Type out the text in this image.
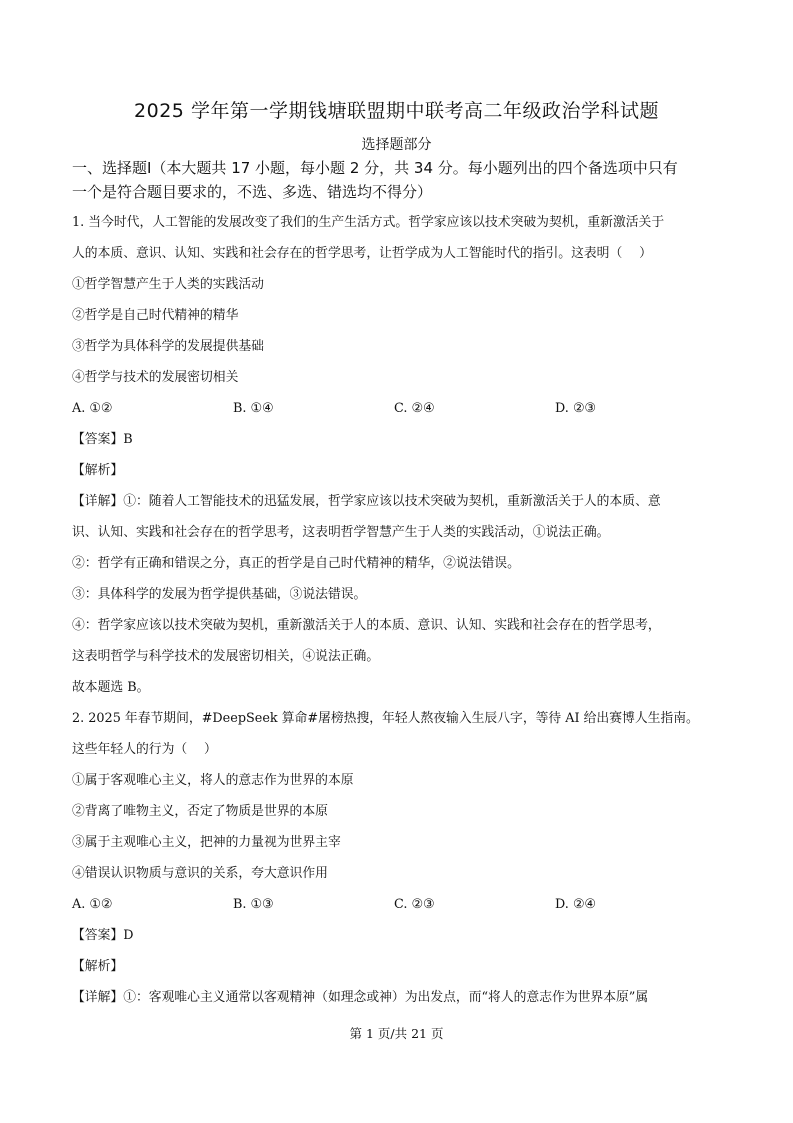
2025 学年第一学期钱塘联盟期中联考高二年级政治学科试题
选择题部分

一、选择题Ⅰ（本大题共 17 小题，每小题 2 分，共 34 分。每小题列出的四个备选项中只有

一个是符合题目要求的，不选、多选、错选均不得分）

1. 当今时代，人工智能的发展改变了我们的生产生活方式。哲学家应该以技术突破为契机，重新激活关于

人的本质、意识、认知、实践和社会存在的哲学思考，让哲学成为人工智能时代的指引。这表明（　 ）

①哲学智慧产生于人类的实践活动

②哲学是自己时代精神的精华

③哲学为具体科学的发展提供基础

④哲学与技术的发展密切相关

A. ①②	B. ①④	C. ②④	D. ②③

【答案】B

【解析】

【详解】①：随着人工智能技术的迅猛发展，哲学家应该以技术突破为契机，重新激活关于人的本质、意

识、认知、实践和社会存在的哲学思考，这表明哲学智慧产生于人类的实践活动，①说法正确。

②：哲学有正确和错误之分，真正的哲学是自己时代精神的精华，②说法错误。

③：具体科学的发展为哲学提供基础，③说法错误。

④：哲学家应该以技术突破为契机，重新激活关于人的本质、意识、认知、实践和社会存在的哲学思考，

这表明哲学与科学技术的发展密切相关，④说法正确。

故本题选 B。

2. 2025 年春节期间，#DeepSeek 算命#屠榜热搜，年轻人熬夜输入生辰八字，等待 AI 给出赛博人生指南。

这些年轻人的行为（　 ）

①属于客观唯心主义，将人的意志作为世界的本原

②背离了唯物主义，否定了物质是世界的本原

③属于主观唯心主义，把神的力量视为世界主宰

④错误认识物质与意识的关系，夸大意识作用

A. ①②	B. ①③	C. ②③	D. ②④

【答案】D

【解析】

【详解】①：客观唯心主义通常以客观精神（如理念或神）为出发点，而“将人的意志作为世界本原”属

第 1 页/共 21 页
